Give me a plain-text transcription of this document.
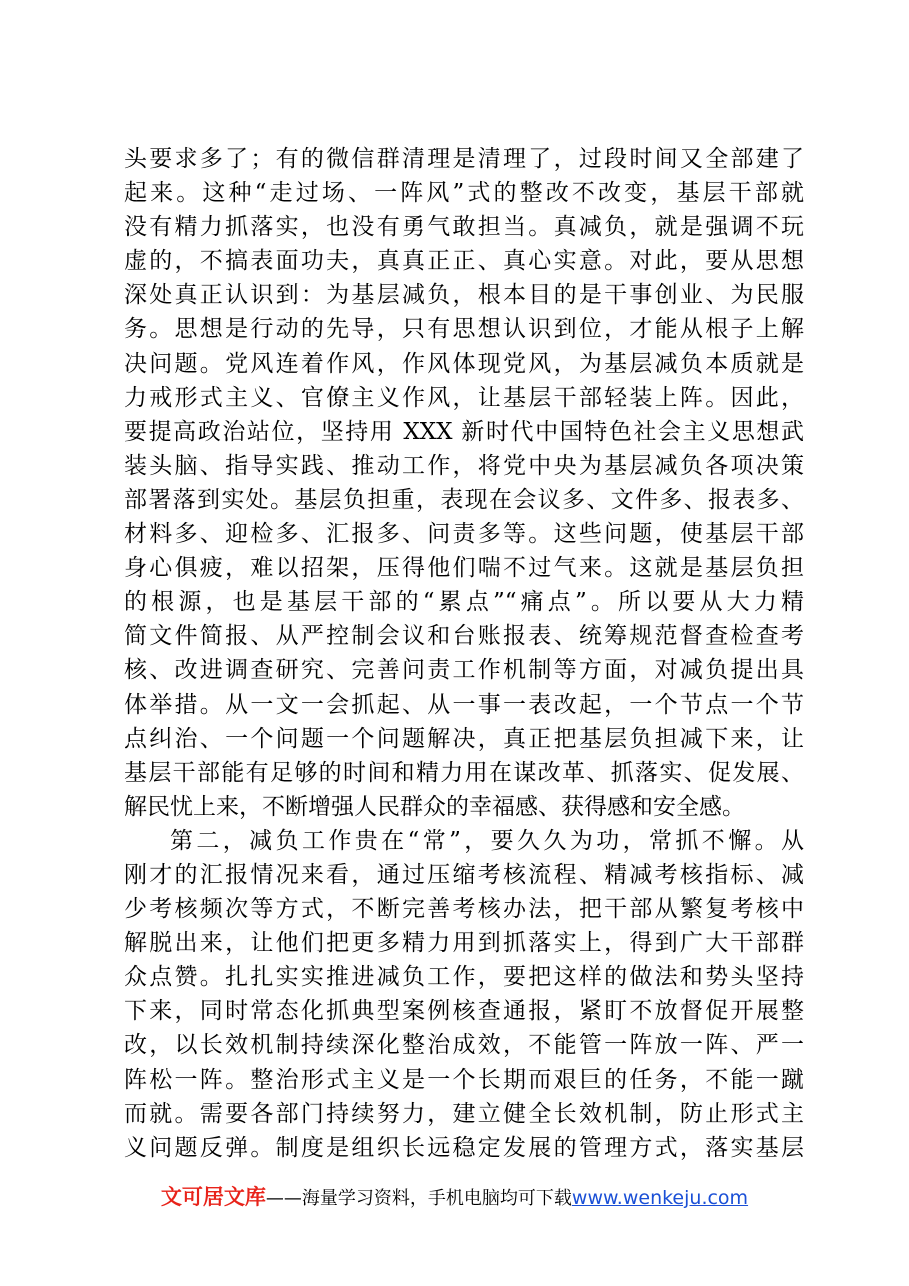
头要求多了；有的微信群清理是清理了，过段时间又全部建了
起来。这种“走过场、一阵风”式的整改不改变，基层干部就
没有精力抓落实，也没有勇气敢担当。真减负，就是强调不玩
虚的，不搞表面功夫，真真正正、真心实意。对此，要从思想
深处真正认识到：为基层减负，根本目的是干事创业、为民服
务。思想是行动的先导，只有思想认识到位，才能从根子上解
决问题。党风连着作风，作风体现党风，为基层减负本质就是
力戒形式主义、官僚主义作风，让基层干部轻装上阵。因此，
要提高政治站位，坚持用 XXX 新时代中国特色社会主义思想武
装头脑、指导实践、推动工作，将党中央为基层减负各项决策
部署落到实处。基层负担重，表现在会议多、文件多、报表多、
材料多、迎检多、汇报多、问责多等。这些问题，使基层干部
身心俱疲，难以招架，压得他们喘不过气来。这就是基层负担
的根源，也是基层干部的“累点”“痛点”。所以要从大力精
简文件简报、从严控制会议和台账报表、统筹规范督查检查考
核、改进调查研究、完善问责工作机制等方面，对减负提出具
体举措。从一文一会抓起、从一事一表改起，一个节点一个节
点纠治、一个问题一个问题解决，真正把基层负担减下来，让
基层干部能有足够的时间和精力用在谋改革、抓落实、促发展、
解民忧上来，不断增强人民群众的幸福感、获得感和安全感。
第二，减负工作贵在“常”，要久久为功，常抓不懈。从
刚才的汇报情况来看，通过压缩考核流程、精减考核指标、减
少考核频次等方式，不断完善考核办法，把干部从繁复考核中
解脱出来，让他们把更多精力用到抓落实上，得到广大干部群
众点赞。扎扎实实推进减负工作，要把这样的做法和势头坚持
下来，同时常态化抓典型案例核查通报，紧盯不放督促开展整
改，以长效机制持续深化整治成效，不能管一阵放一阵、严一
阵松一阵。整治形式主义是一个长期而艰巨的任务，不能一蹴
而就。需要各部门持续努力，建立健全长效机制，防止形式主
义问题反弹。制度是组织长远稳定发展的管理方式，落实基层
文可居文库——海量学习资料，手机电脑均可下载www.wenkeju.com
